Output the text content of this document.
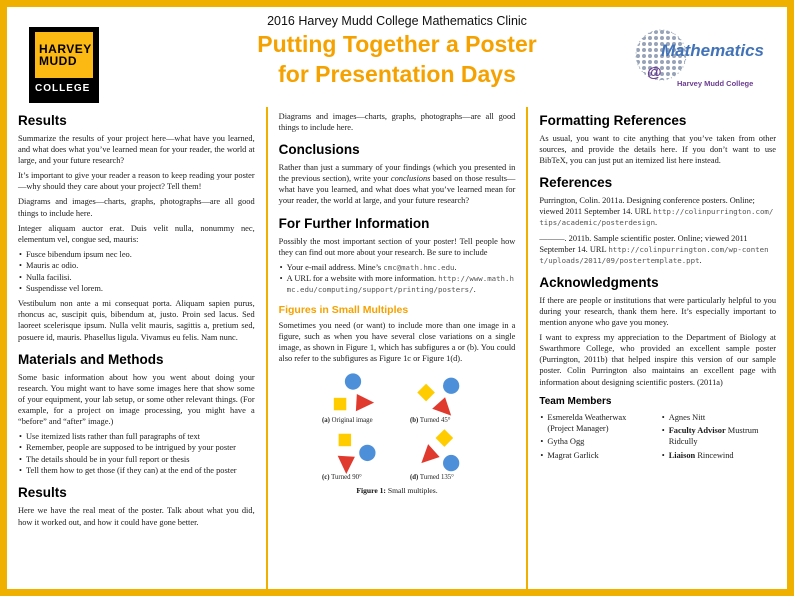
2016 Harvey Mudd College Mathematics Clinic
Putting Together a Poster
for Presentation Days
HARVEY
MUDD
COLLEGE
Mathematics
@
Harvey Mudd College
Results

Summarize the results of your project here—what have you learned, and what does what you’ve learned mean for your reader, the world at large, and your future research?

It’s important to give your reader a reason to keep reading your poster—why should they care about your project? Tell them!

Diagrams and images—charts, graphs, photographs—are all good things to include here.

Integer aliquam auctor erat. Duis velit nulla, nonummy nec, elementum vel, congue sed, mauris:

• Fusce bibendum ipsum nec leo.
• Mauris ac odio.
• Nulla facilisi.
• Suspendisse vel lorem.

Vestibulum non ante a mi consequat porta. Aliquam sapien purus, rhoncus ac, suscipit quis, bibendum at, justo. Proin sed lacus. Sed laoreet scelerisque ipsum. Nulla velit mauris, sagittis a, pretium sed, posuere id, mauris. Phasellus ligula. Vivamus eu felis. Nam nunc.

Materials and Methods

Some basic information about how you went about doing your research. You might want to have some images here that show some of your equipment, your lab setup, or some other relevant things. (For example, for a project on image processing, you might have a “before” and “after” image.)

• Use itemized lists rather than full paragraphs of text
• Remember, people are supposed to be intrigued by your poster
• The details should be in your full report or thesis
• Tell them how to get those (if they can) at the end of the poster
Results

Here we have the real meat of the poster. Talk about what you did, how it worked out, and how it could have gone better.

Diagrams and images—charts, graphs, photographs—are all good things to include here.

Conclusions

Rather than just a summary of your findings (which you presented in the previous section), write your conclusions based on those results—what have you learned, and what does what you’ve learned mean for your reader, the world at large, and your future research?

For Further Information

Possibly the most important section of your poster! Tell people how they can find out more about your research. Be sure to include

• Your e-mail address. Mine’s cmc@math.hmc.edu.
• A URL for a website with more information. http://www.math.hmc.edu/computing/support/printing/posters/.
Figures in Small Multiples

Sometimes you need (or want) to include more than one image in a figure, such as when you have several close variations on a single image, as shown in Figure 1, which has subfigures a or (b). You could also refer to the subfigures as Figure 1c or Figure 1(d).

(a) Original image	(b) Turned 45°
(c) Turned 90°	(d) Turned 135°
Figure 1: Small multiples.
Formatting References

As usual, you want to cite anything that you’ve taken from other sources, and provide the details here. If you don’t want to use BibTeX, you can just put an itemized list here instead.

References

Purrington, Colin. 2011a. Designing conference posters. Online; viewed 2011 September 14. URL http://colinpurrington.com/tips/academic/posterdesign.

———. 2011b. Sample scientific poster. Online; viewed 2011 September 14. URL http://colinpurrington.com/wp-content/uploads/2011/09/postertemplate.ppt.

Acknowledgments

If there are people or institutions that were particularly helpful to you during your research, thank them here. It’s especially important to mention anyone who gave you money.

I want to express my appreciation to the Department of Biology at Swarthmore College, who provided an excellent sample poster (Purrington, 2011b) that helped inspire this version of our sample poster. Colin Purrington also maintains an excellent page with information about designing scientific posters. (2011a)

Team Members
• Esmerelda Weatherwax (Project Manager)
• Gytha Ogg
• Magrat Garlick
• Agnes Nitt
• Faculty Advisor Mustrum Ridcully
• Liaison Rincewind
